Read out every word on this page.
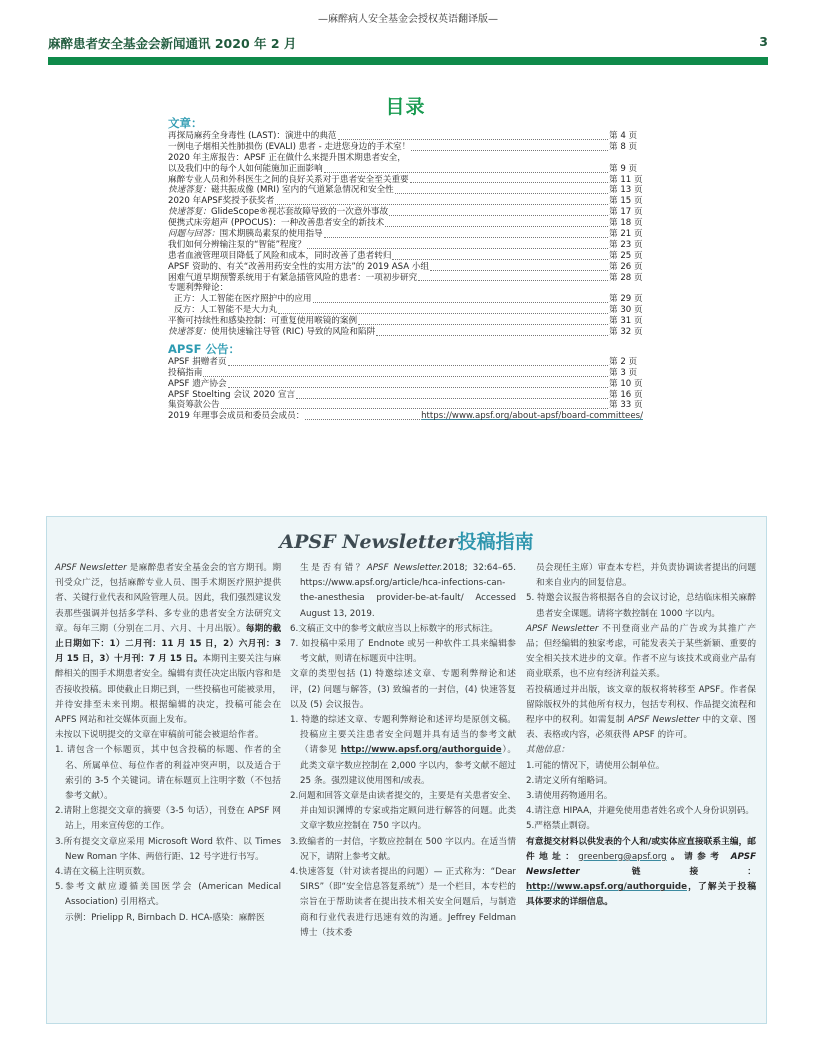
—麻醉病人安全基金会授权英语翻译版—
麻醉患者安全基金会新闻通讯 2020 年 2 月	3
目录
文章：
再探局麻药全身毒性 (LAST)：演进中的典范	第 4 页
一例电子烟相关性肺损伤 (EVALI) 患者 - 走进您身边的手术室！	第 8 页
2020 年主席报告：APSF 正在做什么来提升围术期患者安全，
以及我们中的每个人如何能施加正面影响	第 9 页
麻醉专业人员和外科医生之间的良好关系对于患者安全至关重要	第 11 页
快速答复：磁共振成像 (MRI) 室内的气道紧急情况和安全性	第 13 页
2020 年APSF奖授予获奖者	第 15 页
快速答复：GlideScope®视芯套故障导致的一次意外事故	第 17 页
便携式床旁超声 (PPOCUS)：一种改善患者安全的新技术	第 18 页
问题与回答：围术期胰岛素泵的使用指导	第 21 页
我们如何分辨输注泵的“智能”程度？	第 23 页
患者血液管理项目降低了风险和成本，同时改善了患者转归	第 25 页
APSF 资助的、有关“改善用药安全性的实用方法”的 2019 ASA 小组	第 26 页
困难气道早期预警系统用于有紧急插管风险的患者：一项初步研究	第 28 页
专题利弊辩论：
正方：人工智能在医疗照护中的应用	第 29 页
反方：人工智能不是大力丸	第 30 页
平衡可持续性和感染控制：可重复使用喉镜的案例	第 31 页
快速答复：使用快速输注导管 (RIC) 导致的风险和陷阱	第 32 页
APSF 公告：
APSF 捐赠者页	第 2 页
投稿指南	第 3 页
APSF 遗产协会	第 10 页
APSF Stoelting 会议 2020 宣言	第 16 页
集资筹款公告	第 33 页
2019 年理事会成员和委员会成员：	https://www.apsf.org/about-apsf/board-committees/
APSF Newsletter投稿指南

APSF Newsletter 是麻醉患者安全基金会的官方期刊。期刊受众广泛，包括麻醉专业人员、围手术期医疗照护提供者、关键行业代表和风险管理人员。因此，我们强烈建议发表那些强调并包括多学科、多专业的患者安全方法研究文章。每年三期（分别在二月、六月、十月出版）。每期的截止日期如下：1）二月刊：11 月 15 日，2）六月刊：3 月 15 日，3）十月刊：7 月 15 日。本期刊主要关注与麻醉相关的围手术期患者安全。编辑有责任决定出版内容和是否接收投稿。即使截止日期已到，一些投稿也可能被录用，并待安排至未来刊期。根据编辑的决定，投稿可能会在 APFS 网站和社交媒体页面上发布。

未按以下说明提交的文章在审稿前可能会被退给作者。

1. 请包含一个标题页，其中包含投稿的标题、作者的全名、所属单位、每位作者的利益冲突声明，以及适合于索引的 3-5 个关键词。请在标题页上注明字数（不包括参考文献）。

2.请附上您提交文章的摘要（3-5 句话），刊登在 APSF 网站上，用来宣传您的工作。

3.所有提交文章应采用 Microsoft Word 软件、以 Times New Roman 字体、两倍行距、12 号字进行书写。

4.请在文稿上注明页数。

5.参考文献应遵循美国医学会 (American Medical Association) 引用格式。

示例：Prielipp R, Birnbach D. HCA-感染：麻醉医

生是否有错？APSF Newsletter.2018; 32:64–65. https://www.apsf.org/article/hca-infections-can-the-anesthesia provider-be-at-fault/ Accessed August 13, 2019.

6.文稿正文中的参考文献应当以上标数字的形式标注。

7. 如投稿中采用了 Endnote 或另一种软件工具来编辑参考文献，则请在标题页中注明。

文章的类型包括 (1) 特邀综述文章、专题利弊辩论和述评，(2) 问题与解答，(3) 致编者的一封信，(4) 快速答复以及 (5) 会议报告。

1. 特邀的综述文章、专题利弊辩论和述评均是原创文稿。投稿应主要关注患者安全问题并具有适当的参考文献（请参见 http://www.apsf.org/authorguide）。此类文章字数应控制在 2,000 字以内，参考文献不超过 25 条。强烈建议使用图和/或表。

2.问题和回答文章是由读者提交的，主要是有关患者安全、并由知识渊博的专家或指定顾问进行解答的问题。此类文章字数应控制在 750 字以内。

3.致编者的一封信，字数应控制在 500 字以内。在适当情况下，请附上参考文献。

4.快速答复（针对读者提出的问题）— 正式称为：“Dear SIRS”（即“安全信息答复系统”）是一个栏目，本专栏的宗旨在于帮助读者在提出技术相关安全问题后，与制造商和行业代表进行迅速有效的沟通。Jeffrey Feldman 博士（技术委

员会现任主席）审查本专栏，并负责协调读者提出的问题和来自业内的回复信息。

5. 特邀会议报告将根据各自的会议讨论，总结临床相关麻醉患者安全课题。请将字数控制在 1000 字以内。

APSF Newsletter 不刊登商业产品的广告或为其推广产品；但经编辑的独家考虑，可能发表关于某些新颖、重要的安全相关技术进步的文章。作者不应与该技术或商业产品有商业联系，也不应有经济利益关系。

若投稿通过并出版，该文章的版权将转移至 APSF。作者保留除版权外的其他所有权力，包括专利权、作品提交流程和程序中的权利。如需复制 APSF Newsletter 中的文章、图表、表格或内容，必须获得 APSF 的许可。

其他信息：

1.可能的情况下，请使用公制单位。

2.请定义所有缩略词。

3.请使用药物通用名。

4.请注意 HIPAA，并避免使用患者姓名或个人身份识别码。

5.严格禁止剽窃。

有意提交材料以供发表的个人和/或实体应直接联系主编，邮件地址：greenberg@apsf.org。请参考 APSF Newsletter 链接：http://www.apsf.org/authorguide，了解关于投稿具体要求的详细信息。
